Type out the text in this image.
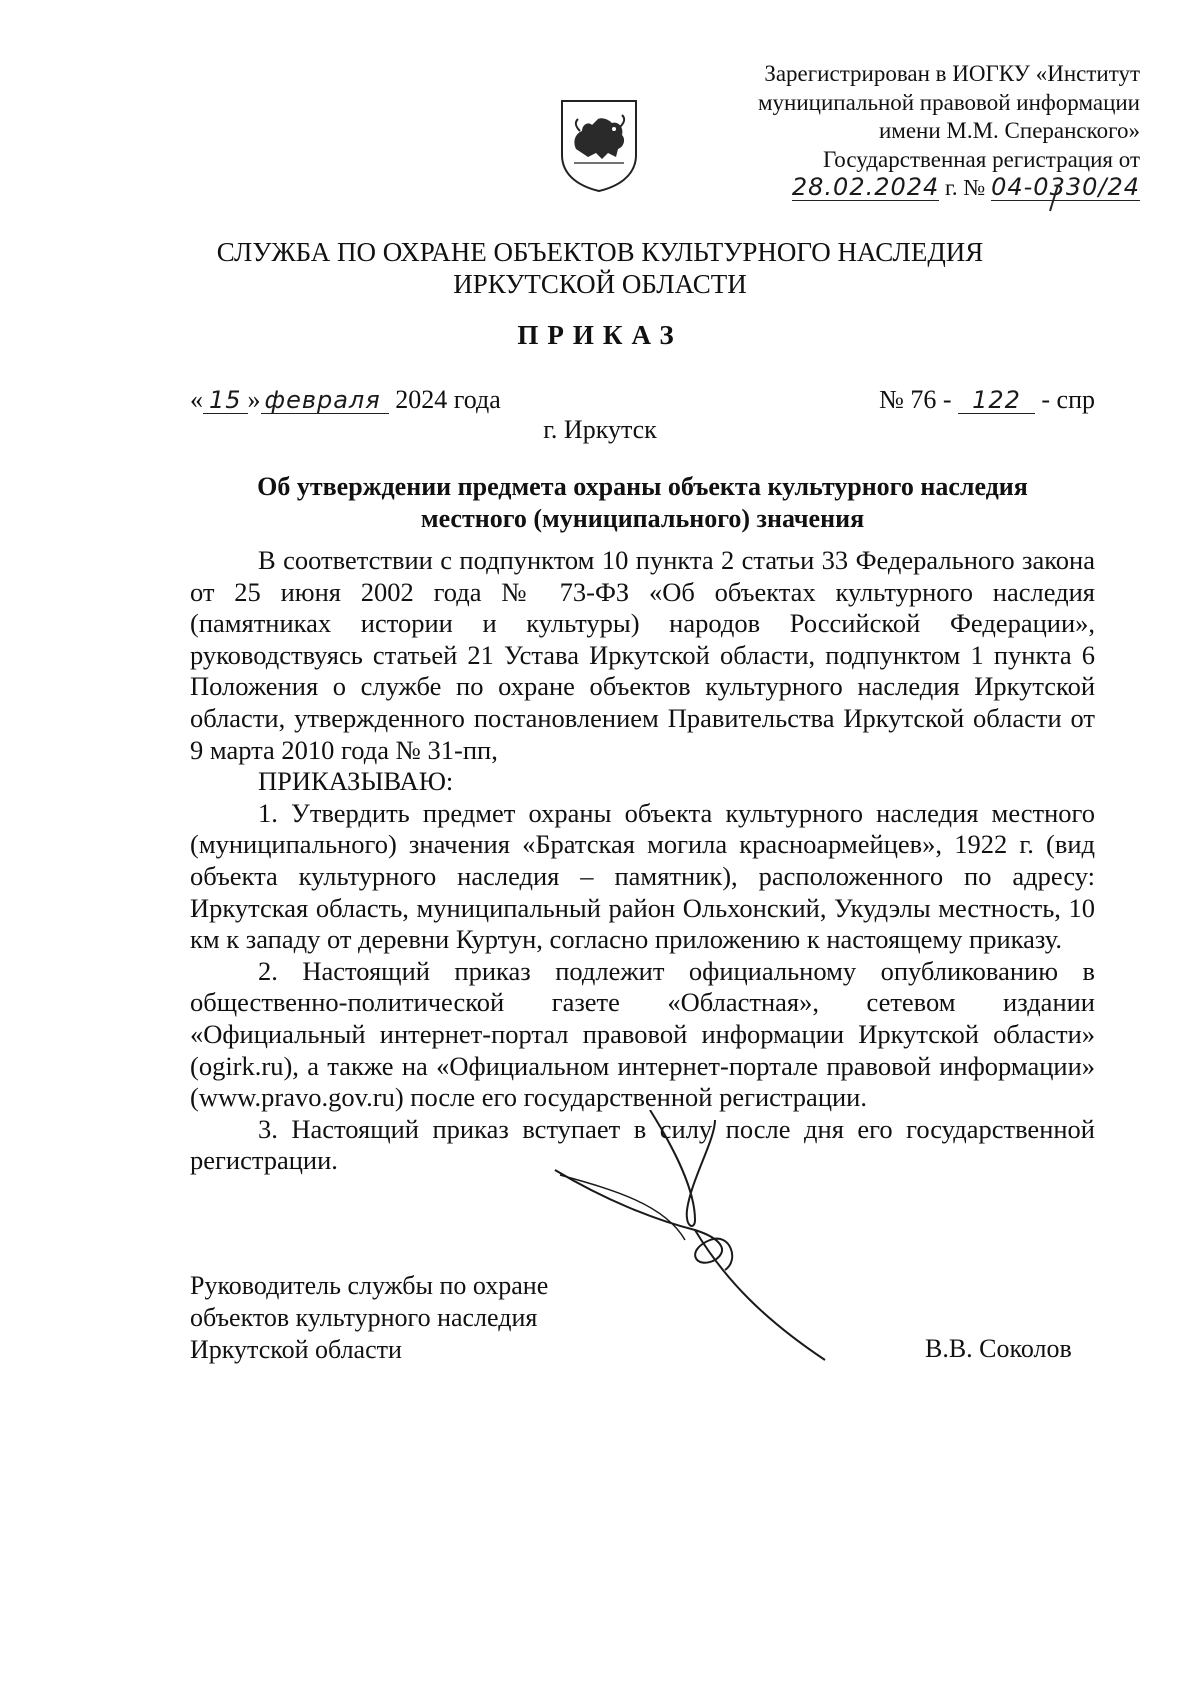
Зарегистрирован в ИОГКУ «Институт
муниципальной правовой информации
имени М.М. Сперанского»
Государственная регистрация от
28.02.2024 г. № 04-0330/24
СЛУЖБА ПО ОХРАНЕ ОБЪЕКТОВ КУЛЬТУРНОГО НАСЛЕДИЯ
ИРКУТСКОЙ ОБЛАСТИ
ПРИКАЗ
« 15 » февраля 2024 года	№ 76 - 122 - спр
г. Иркутск
Об утверждении предмета охраны объекта культурного наследия
местного (муниципального) значения

В соответствии с подпунктом 10 пункта 2 статьи 33 Федерального закона от 25 июня 2002 года № 73-ФЗ «Об объектах культурного наследия (памятниках истории и культуры) народов Российской Федерации», руководствуясь статьей 21 Устава Иркутской области, подпунктом 1 пункта 6 Положения о службе по охране объектов культурного наследия Иркутской области, утвержденного постановлением Правительства Иркутской области от 9 марта 2010 года № 31-пп,

ПРИКАЗЫВАЮ:

1. Утвердить предмет охраны объекта культурного наследия местного (муниципального) значения «Братская могила красноармейцев», 1922 г. (вид объекта культурного наследия – памятник), расположенного по адресу: Иркутская область, муниципальный район Ольхонский, Укудэлы местность, 10 км к западу от деревни Куртун, согласно приложению к настоящему приказу.

2. Настоящий приказ подлежит официальному опубликованию в общественно-политической газете «Областная», сетевом издании «Официальный интернет-портал правовой информации Иркутской области» (ogirk.ru), а также на «Официальном интернет-портале правовой информации» (www.pravo.gov.ru) после его государственной регистрации.

3. Настоящий приказ вступает в силу после дня его государственной регистрации.

Руководитель службы по охране
объектов культурного наследия
Иркутской области	В.В. Соколов
